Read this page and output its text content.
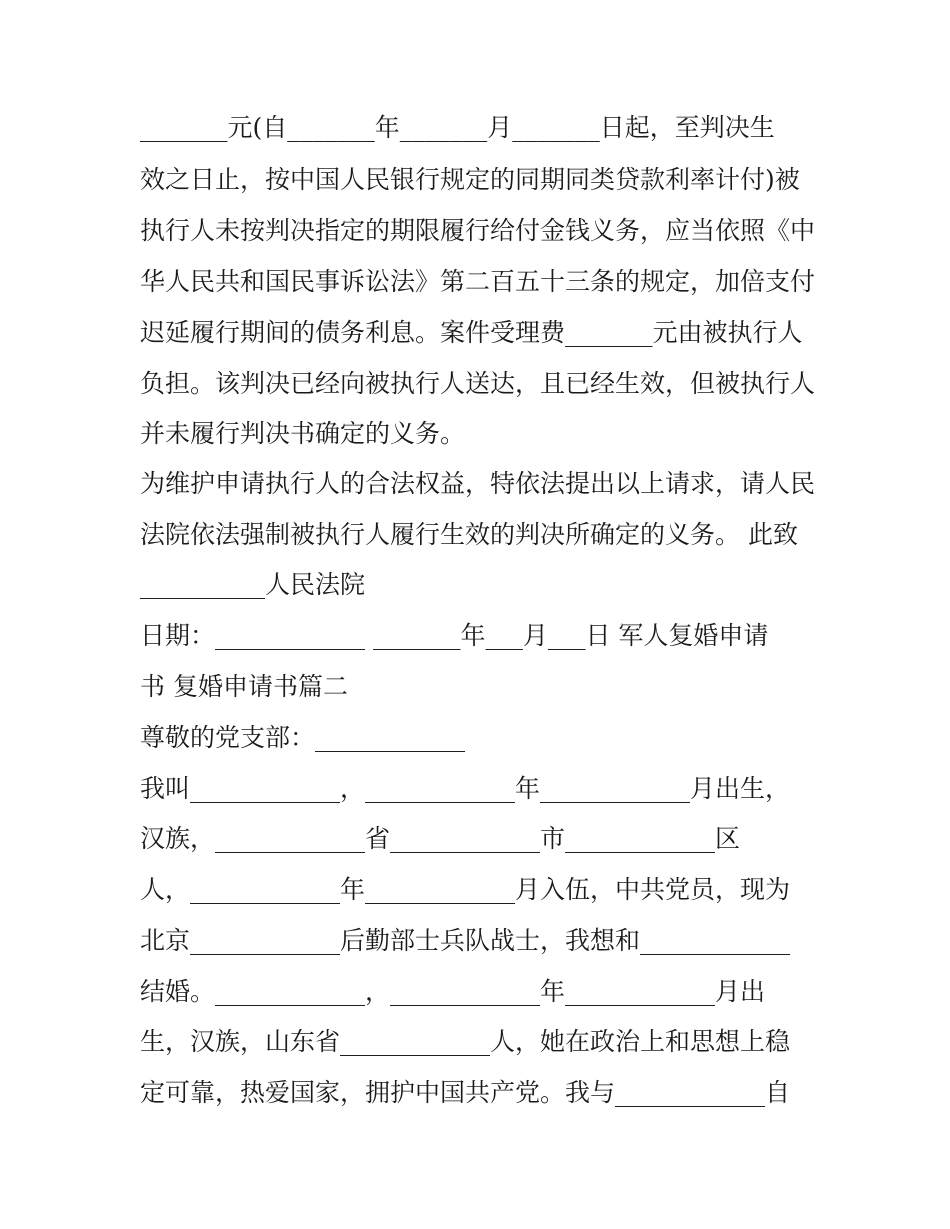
_______元(自_______年_______月_______日起，至判决生
效之日止，按中国人民银行规定的同期同类贷款利率计付)被
执行人未按判决指定的期限履行给付金钱义务，应当依照《中
华人民共和国民事诉讼法》第二百五十三条的规定，加倍支付
迟延履行期间的债务利息。案件受理费_______元由被执行人
负担。该判决已经向被执行人送达，且已经生效，但被执行人
并未履行判决书确定的义务。
为维护申请执行人的合法权益，特依法提出以上请求，请人民
法院依法强制被执行人履行生效的判决所确定的义务。 此致
__________人民法院
日期：____________ _______年___月___日 军人复婚申请
书 复婚申请书篇二
尊敬的党支部：____________
我叫____________，____________年____________月出生，
汉族，____________省____________市____________区
人，____________年____________月入伍，中共党员，现为
北京____________后勤部士兵队战士，我想和____________
结婚。____________，____________年____________月出
生，汉族，山东省____________人，她在政治上和思想上稳
定可靠，热爱国家，拥护中国共产党。我与____________自
